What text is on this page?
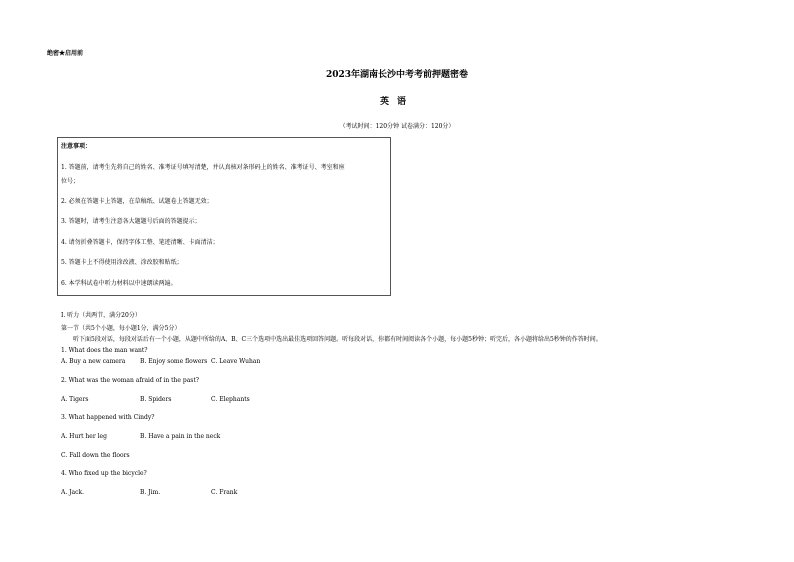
绝密★启用前
2023年湖南长沙中考考前押题密卷
英语
（考试时间：120分钟 试卷满分：120分）
注意事项：
1. 答题前，请考生先将自己的姓名、准考证号填写清楚，并认真核对条形码上的姓名、准考证号、考室和座
位号；
2. 必须在答题卡上答题，在草稿纸、试题卷上答题无效；
3. 答题时，请考生注意各大题题号后面的答题提示；
4. 请勿折叠答题卡，保持字体工整、笔迹清晰、卡面清洁；
5. 答题卡上不得使用涂改液、涂改胶和贴纸；
6. 本学科试卷中听力材料以中速朗读两遍。
I. 听力（共两节，满分20分）
第一节（共5个小题，每小题1分，满分5分）
听下面5段对话，每段对话后有一个小题，从题中所给的A、B、C三个选项中选出最佳选项回答问题。听每段对话，你都有时间阅读各个小题，每小题5秒钟；听完后，各小题将给出5秒钟的作答时间。
1. What does the man want?
A. Buy a new camera B. Enjoy some flowers C. Leave Wuhan
2. What was the woman afraid of in the past?
A. Tigers	B. Spiders	C. Elephants
3. What happened with Cindy?
A. Hurt her leg	B. Have a pain in the neck
C. Fall down the floors
4. Who fixed up the bicycle?
A. Jack.	B. Jim.	C. Frank
